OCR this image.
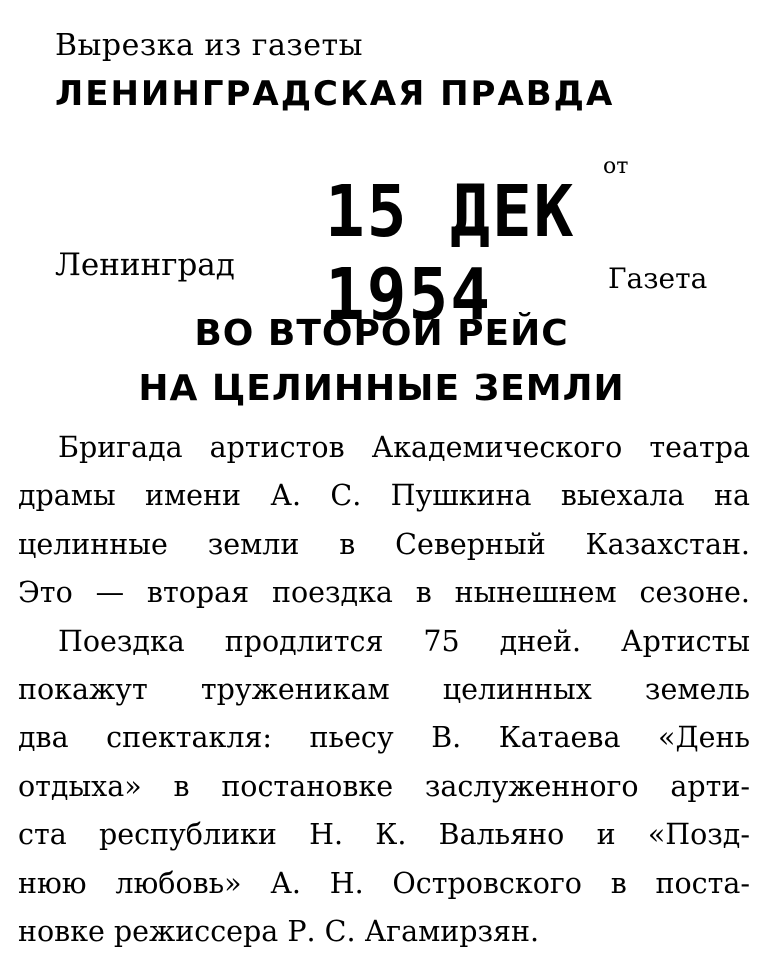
Вырезка из газеты
ЛЕНИНГРАДСКАЯ ПРАВДА
от
15 ДЕК 1954
Ленинград	Газета
ВО ВТОРОЙ РЕЙС
НА ЦЕЛИННЫЕ ЗЕМЛИ

Бригада артистов Академического театра

драмы имени А. С. Пушкина выехала на

целинные земли в Северный Казахстан.

Это — вторая поездка в нынешнем сезоне.

Поездка продлится 75 дней. Артисты

покажут труженикам целинных земель

два спектакля: пьесу В. Катаева «День

отдыха» в постановке заслуженного арти-

ста республики Н. К. Вальяно и «Позд-

нюю любовь» А. Н. Островского в поста-

новке режиссера Р. С. Агамирзян.
